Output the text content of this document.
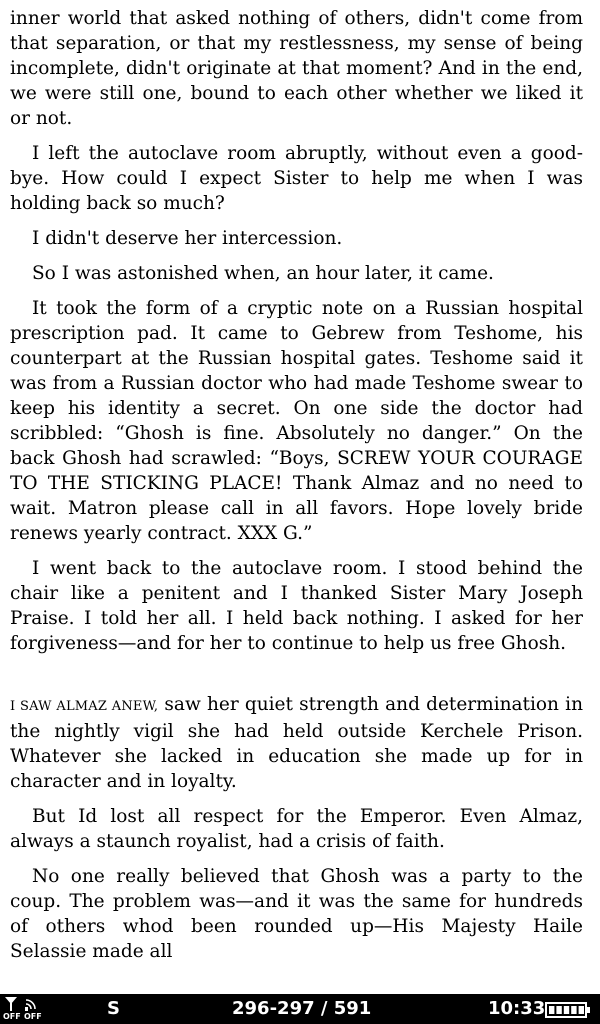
inner world that asked nothing of others, didn't come from that separation, or that my restlessness, my sense of being incomplete, didn't originate at that moment? And in the end, we were still one, bound to each other whether we liked it or not.

I left the autoclave room abruptly, without even a good-bye. How could I expect Sister to help me when I was holding back so much?

I didn't deserve her intercession.

So I was astonished when, an hour later, it came.

It took the form of a cryptic note on a Russian hospital prescription pad. It came to Gebrew from Teshome, his counterpart at the Russian hospital gates. Teshome said it was from a Russian doctor who had made Teshome swear to keep his identity a secret. On one side the doctor had scribbled: “Ghosh is fine. Absolutely no danger.” On the back Ghosh had scrawled: “Boys, SCREW YOUR COURAGE TO THE STICKING PLACE! Thank Almaz and no need to wait. Matron please call in all favors. Hope lovely bride renews yearly contract. XXX G.”

I went back to the autoclave room. I stood behind the chair like a penitent and I thanked Sister Mary Joseph Praise. I told her all. I held back nothing. I asked for her forgiveness—and for her to continue to help us free Ghosh.

I SAW ALMAZ ANEW, saw her quiet strength and determination in the nightly vigil she had held outside Kerchele Prison. Whatever she lacked in education she made up for in character and in loyalty.

But Id lost all respect for the Emperor. Even Almaz, always a staunch royalist, had a crisis of faith.

No one really believed that Ghosh was a party to the coup. The problem was—and it was the same for hundreds of others whod been rounded up—His Majesty Haile Selassie made all

OFF OFF	S	296-297 / 591	10:33
